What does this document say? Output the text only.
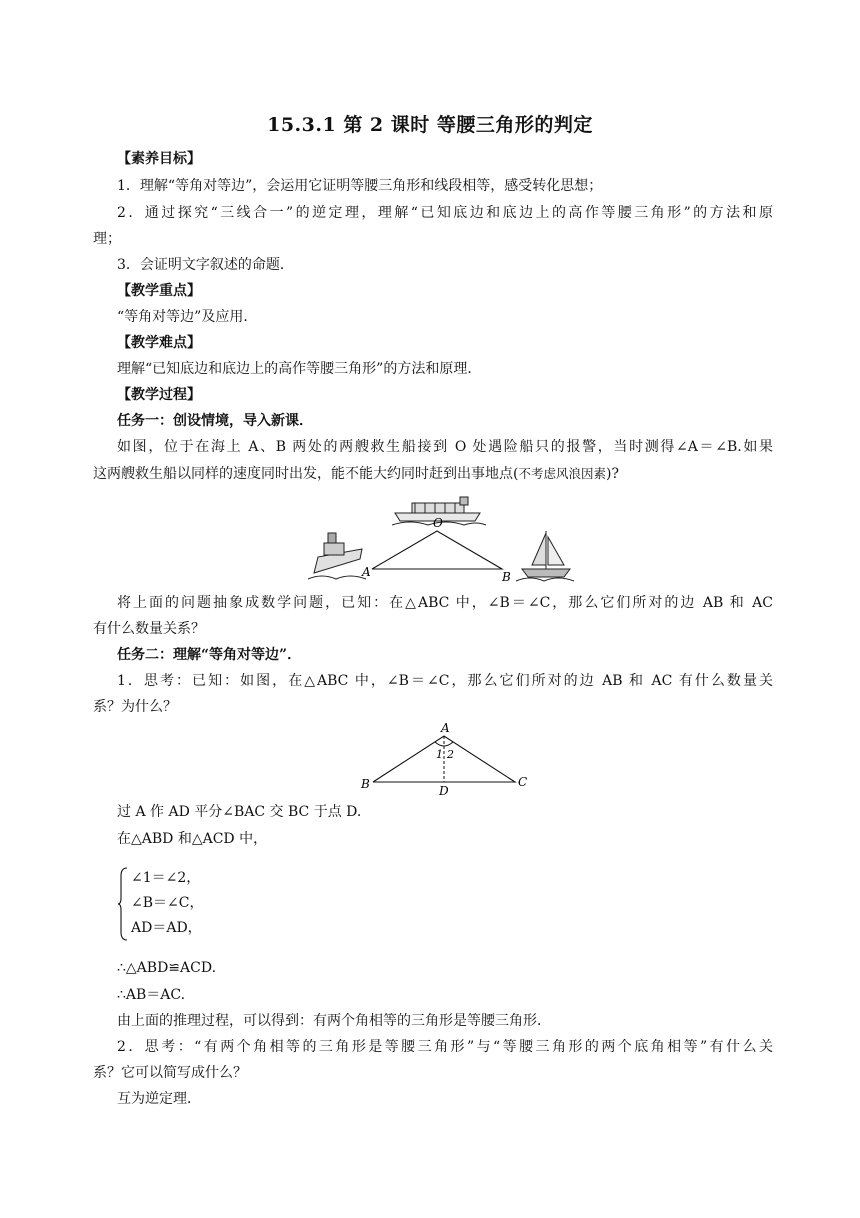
15.3.1 第 2 课时 等腰三角形的判定
【素养目标】
1．理解“等角对等边”，会运用它证明等腰三角形和线段相等，感受转化思想；
2．通过探究“三线合一”的逆定理，理解“已知底边和底边上的高作等腰三角形”的方法和原
理；
3．会证明文字叙述的命题．
【教学重点】
“等角对等边”及应用．
【教学难点】
理解“已知底边和底边上的高作等腰三角形”的方法和原理．
【教学过程】
任务一：创设情境，导入新课．
如图，位于在海上 A、B 两处的两艘救生船接到 O 处遇险船只的报警，当时测得∠A＝∠B.如果
这两艘救生船以同样的速度同时出发，能不能大约同时赶到出事地点(不考虑风浪因素)?
O
A	B
将上面的问题抽象成数学问题，已知：在△ABC 中，∠B＝∠C，那么它们所对的边 AB 和 AC
有什么数量关系？
任务二：理解“等角对等边”．
1．思考：已知：如图，在△ABC 中，∠B＝∠C，那么它们所对的边 AB 和 AC 有什么数量关
系？为什么？
A
B	C
D
1 2
过 A 作 AD 平分∠BAC 交 BC 于点 D.
在△ABD 和△ACD 中，
∠1＝∠2，
∠B＝∠C，
AD＝AD，
∴△ABD≌ACD.
∴AB＝AC.
由上面的推理过程，可以得到：有两个角相等的三角形是等腰三角形．
2．思考：“有两个角相等的三角形是等腰三角形”与“等腰三角形的两个底角相等”有什么关
系？它可以简写成什么？
互为逆定理．
